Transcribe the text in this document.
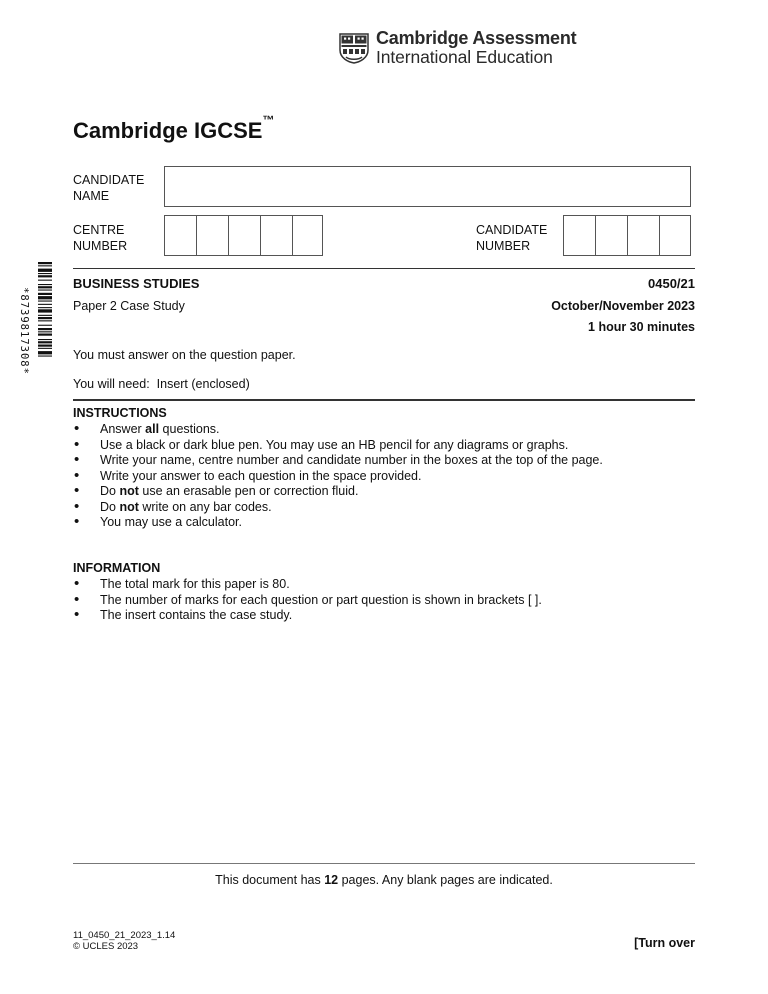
Cambridge Assessment
International Education
Cambridge IGCSE™
CANDIDATE
NAME
CENTRE
NUMBER
CANDIDATE
NUMBER
*8739817308*
BUSINESS STUDIES	0450/21
Paper 2 Case Study	October/November 2023
1 hour 30 minutes
You must answer on the question paper.
You will need: Insert (enclosed)
INSTRUCTIONS
• Answer all questions.
• Use a black or dark blue pen. You may use an HB pencil for any diagrams or graphs.
• Write your name, centre number and candidate number in the boxes at the top of the page.
• Write your answer to each question in the space provided.
• Do not use an erasable pen or correction fluid.
• Do not write on any bar codes.
• You may use a calculator.
INFORMATION
• The total mark for this paper is 80.
• The number of marks for each question or part question is shown in brackets [ ].
• The insert contains the case study.
This document has 12 pages. Any blank pages are indicated.
11_0450_21_2023_1.14
© UCLES 2023	[Turn over
